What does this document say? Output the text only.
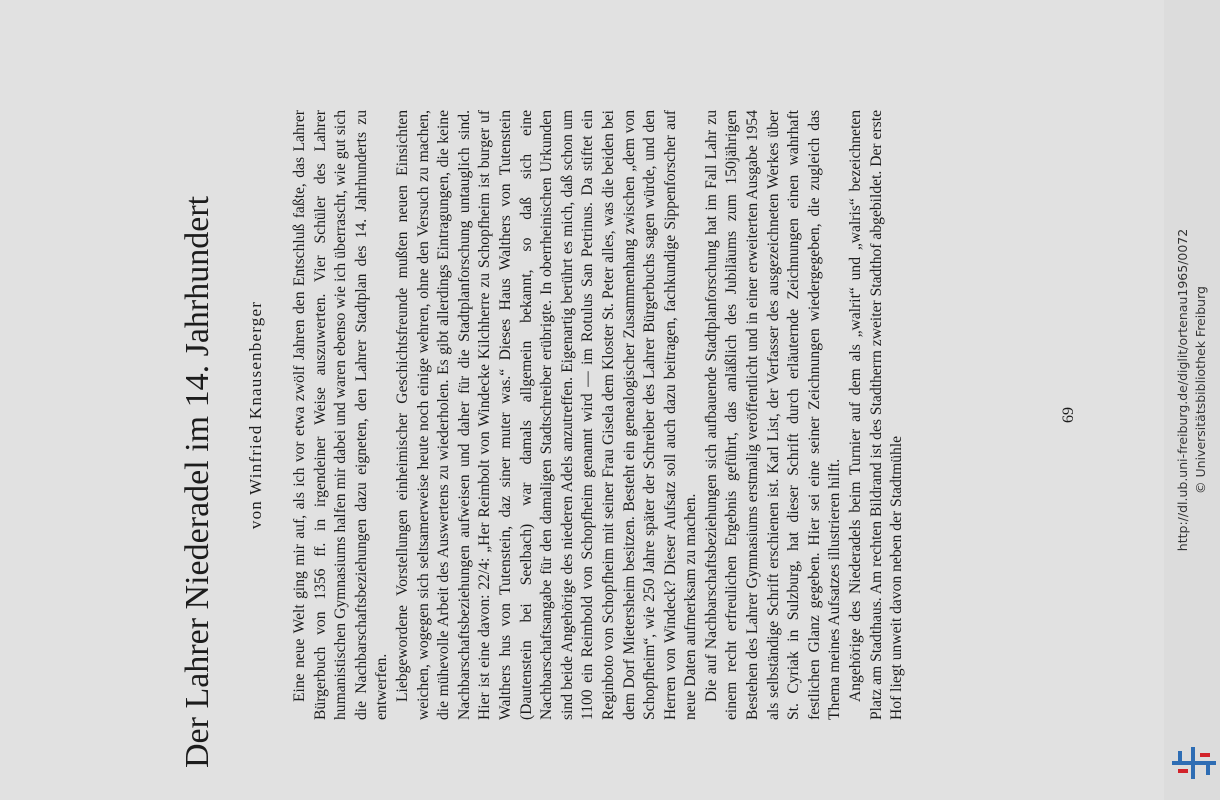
Der Lahrer Niederadel im 14. Jahrhundert von Winfried Knausenberger Eine neue Welt ging mir auf, als ich vor etwa zwölf Jahren den Entschluß faßte, das Lahrer Bürgerbuch von 1356 ff. in irgendeiner Weise auszuwerten. Vier Schüler des Lahrer humanistischen Gymnasiums halfen mir dabei und waren ebenso wie ich überrascht, wie gut sich die Nachbarschaftsbeziehungen dazu eigneten, den Lahrer Stadtplan des 14. Jahrhunderts zu entwerfen. Liebgewordene Vorstellungen einheimischer Geschichtsfreunde mußten neuen Einsichten weichen, wogegen sich seltsamerweise heute noch einige wehren, ohne den Versuch zu machen, die mühevolle Arbeit des Auswertens zu wiederholen. Es gibt allerdings Eintragungen, die keine Nachbarschaftsbeziehungen aufweisen und daher für die Stadtplanforschung untauglich sind. Hier ist eine davon: 22/4: „Her Reimbolt von Windecke Kilchherre zu Schopfheim ist burger uf Walthers hus von Tutenstein, daz siner muter was.“ Dieses Haus Walthers von Tutenstein (Dautenstein bei Seelbach) war damals allgemein bekannt, so daß sich eine Nachbarschaftsangabe für den damaligen Stadtschreiber erübrigte. In oberrheinischen Urkunden sind beide Angehörige des niederen Adels anzutreffen. Eigenartig berührt es mich, daß schon um 1100 ein Reimbold von Schopfheim genannt wird — im Rotulus San Petrinus. Da stiftet ein Reginboto von Schopfheim mit seiner Frau Gisela dem Kloster St. Peter alles, was die beiden bei dem Dorf Mietersheim besitzen. Besteht ein genealogischer Zusammenhang zwischen „dem von Schopfheim“, wie 250 Jahre später der Schreiber des Lahrer Bürgerbuchs sagen würde, und den Herren von Windeck? Dieser Aufsatz soll auch dazu beitragen, fachkundige Sippenforscher auf neue Daten aufmerksam zu machen. Die auf Nachbarschaftsbeziehungen sich aufbauende Stadtplanforschung hat im Fall Lahr zu einem recht erfreulichen Ergebnis geführt, das anläßlich des Jubiläums zum 150jährigen Bestehen des Lahrer Gymnasiums erstmalig veröffentlicht und in einer erweiterten Ausgabe 1954 als selbständige Schrift erschienen ist. Karl List, der Verfasser des ausgezeichneten Werkes über St. Cyriak in Sulzburg, hat dieser Schrift durch erläuternde Zeichnungen einen wahrhaft festlichen Glanz gegeben. Hier sei eine seiner Zeichnungen wiedergegeben, die zugleich das Thema meines Aufsatzes illustrieren hilft. Angehörige des Niederadels beim Turnier auf dem als „walrit“ und „walris“ bezeichneten Platz am Stadthaus. Am rechten Bildrand ist des Stadtherrn zweiter Stadthof abgebildet. Der erste Hof liegt unweit davon neben der Stadtmühle

69	http://dl.ub.uni-freiburg.de/diglit/ortenau1965/0072 © Universitätsbibliothek Freiburg
